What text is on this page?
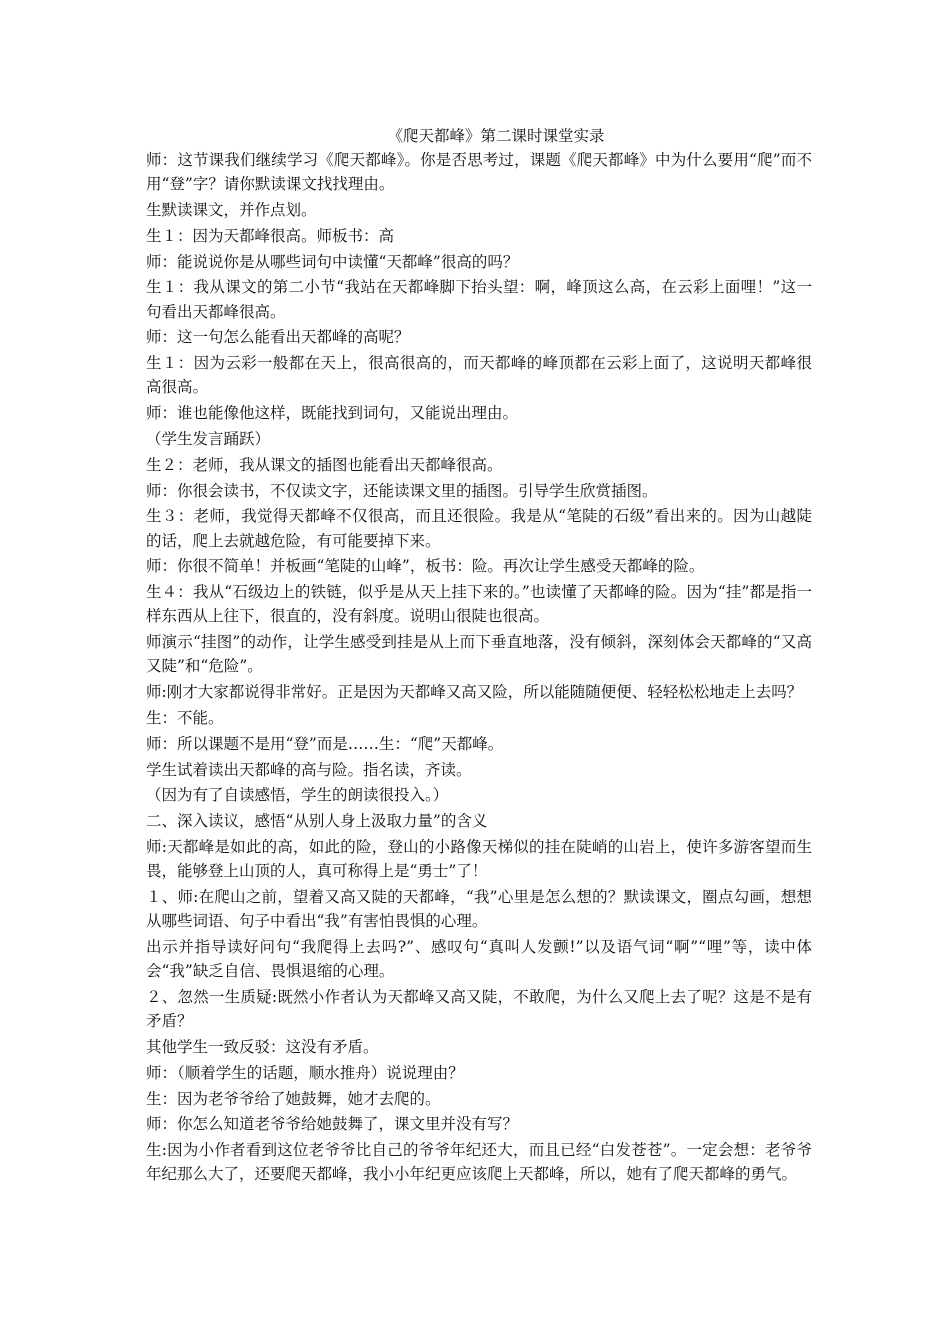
《爬天都峰》第二课时课堂实录

师：这节课我们继续学习《爬天都峰》。你是否思考过，课题《爬天都峰》中为什么要用“爬”而不用“登”字？请你默读课文找找理由。

生默读课文，并作点划。

生１：因为天都峰很高。师板书：高

师：能说说你是从哪些词句中读懂“天都峰”很高的吗？

生１：我从课文的第二小节“我站在天都峰脚下抬头望：啊，峰顶这么高，在云彩上面哩！”这一句看出天都峰很高。

师：这一句怎么能看出天都峰的高呢？

生１：因为云彩一般都在天上，很高很高的，而天都峰的峰顶都在云彩上面了，这说明天都峰很高很高。

师：谁也能像他这样，既能找到词句，又能说出理由。

（学生发言踊跃）

生２：老师，我从课文的插图也能看出天都峰很高。

师：你很会读书，不仅读文字，还能读课文里的插图。引导学生欣赏插图。

生３：老师，我觉得天都峰不仅很高，而且还很险。我是从“笔陡的石级”看出来的。因为山越陡的话，爬上去就越危险，有可能要掉下来。

师：你很不简单！并板画“笔陡的山峰”，板书：险。再次让学生感受天都峰的险。

生４：我从“石级边上的铁链，似乎是从天上挂下来的。”也读懂了天都峰的险。因为“挂”都是指一样东西从上往下，很直的，没有斜度。说明山很陡也很高。

师演示“挂图”的动作，让学生感受到挂是从上而下垂直地落，没有倾斜，深刻体会天都峰的“又高又陡”和“危险”。

师:刚才大家都说得非常好。正是因为天都峰又高又险，所以能随随便便、轻轻松松地走上去吗？

生：不能。

师：所以课题不是用“登”而是……生：“爬”天都峰。

学生试着读出天都峰的高与险。指名读，齐读。

（因为有了自读感悟，学生的朗读很投入。）

二、深入读议，感悟“从别人身上汲取力量”的含义

师:天都峰是如此的高，如此的险，登山的小路像天梯似的挂在陡峭的山岩上，使许多游客望而生畏，能够登上山顶的人，真可称得上是“勇士”了！

１、师:在爬山之前，望着又高又陡的天都峰，“我”心里是怎么想的？默读课文，圈点勾画，想想从哪些词语、句子中看出“我”有害怕畏惧的心理。

出示并指导读好问句“我爬得上去吗?”、感叹句“真叫人发颤!”以及语气词“啊”“哩”等，读中体会“我”缺乏自信、畏惧退缩的心理。

２、忽然一生质疑:既然小作者认为天都峰又高又陡，不敢爬，为什么又爬上去了呢？这是不是有矛盾？

其他学生一致反驳：这没有矛盾。

师：（顺着学生的话题，顺水推舟）说说理由？

生：因为老爷爷给了她鼓舞，她才去爬的。

师：你怎么知道老爷爷给她鼓舞了，课文里并没有写？

生:因为小作者看到这位老爷爷比自己的爷爷年纪还大，而且已经“白发苍苍”。一定会想：老爷爷年纪那么大了，还要爬天都峰，我小小年纪更应该爬上天都峰，所以，她有了爬天都峰的勇气。
